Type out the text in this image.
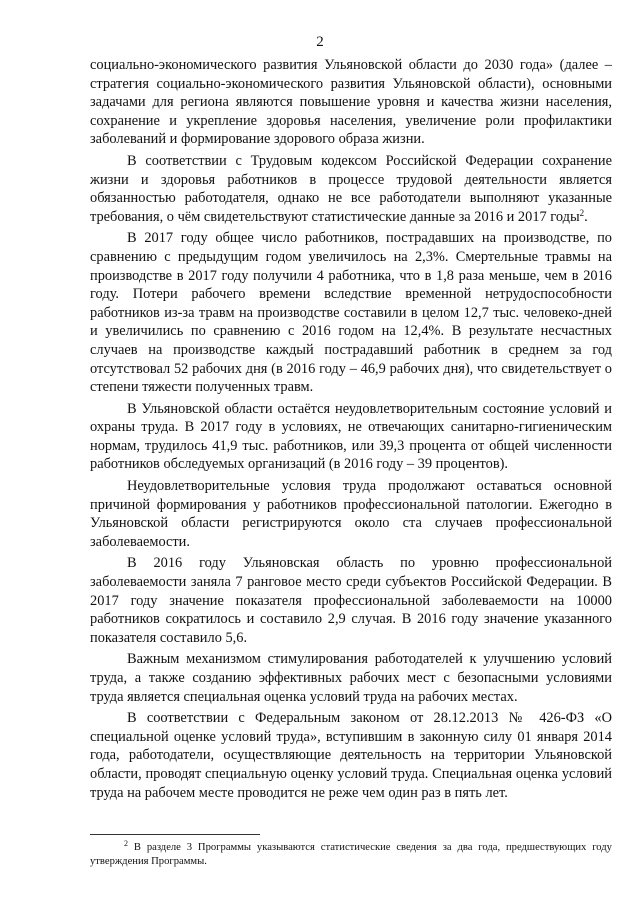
2

социально-экономического развития Ульяновской области до 2030 года» (далее – стратегия социально-экономического развития Ульяновской области), основными задачами для региона являются повышение уровня и качества жизни населения, сохранение и укрепление здоровья населения, увеличение роли профилактики заболеваний и формирование здорового образа жизни.

В соответствии с Трудовым кодексом Российской Федерации сохранение жизни и здоровья работников в процессе трудовой деятельности является обязанностью работодателя, однако не все работодатели выполняют указанные требования, о чём свидетельствуют статистические данные за 2016 и 2017 годы$^2$.

В 2017 году общее число работников, пострадавших на производстве, по сравнению с предыдущим годом увеличилось на 2,3%. Смертельные травмы на производстве в 2017 году получили 4 работника, что в 1,8 раза меньше, чем в 2016 году. Потери рабочего времени вследствие временной нетрудоспособности работников из-за травм на производстве составили в целом 12,7 тыс. человеко-дней и увеличились по сравнению с 2016 годом на 12,4%. В результате несчастных случаев на производстве каждый пострадавший работник в среднем за год отсутствовал 52 рабочих дня (в 2016 году – 46,9 рабочих дня), что свидетельствует о степени тяжести полученных травм.

В Ульяновской области остаётся неудовлетворительным состояние условий и охраны труда. В 2017 году в условиях, не отвечающих санитарно-гигиеническим нормам, трудилось 41,9 тыс. работников, или 39,3 процента от общей численности работников обследуемых организаций (в 2016 году – 39 процентов).

Неудовлетворительные условия труда продолжают оставаться основной причиной формирования у работников профессиональной патологии. Ежегодно в Ульяновской области регистрируются около ста случаев профессиональной заболеваемости.

В 2016 году Ульяновская область по уровню профессиональной заболеваемости заняла 7 ранговое место среди субъектов Российской Федерации. В 2017 году значение показателя профессиональной заболеваемости на 10000 работников сократилось и составило 2,9 случая. В 2016 году значение указанного показателя составило 5,6.

Важным механизмом стимулирования работодателей к улучшению условий труда, а также созданию эффективных рабочих мест с безопасными условиями труда является специальная оценка условий труда на рабочих местах.

В соответствии с Федеральным законом от 28.12.2013 № 426-ФЗ «О специальной оценке условий труда», вступившим в законную силу 01 января 2014 года, работодатели, осуществляющие деятельность на территории Ульяновской области, проводят специальную оценку условий труда. Специальная оценка условий труда на рабочем месте проводится не реже чем один раз в пять лет.

$^2$ В разделе 3 Программы указываются статистические сведения за два года, предшествующих году утверждения Программы.
